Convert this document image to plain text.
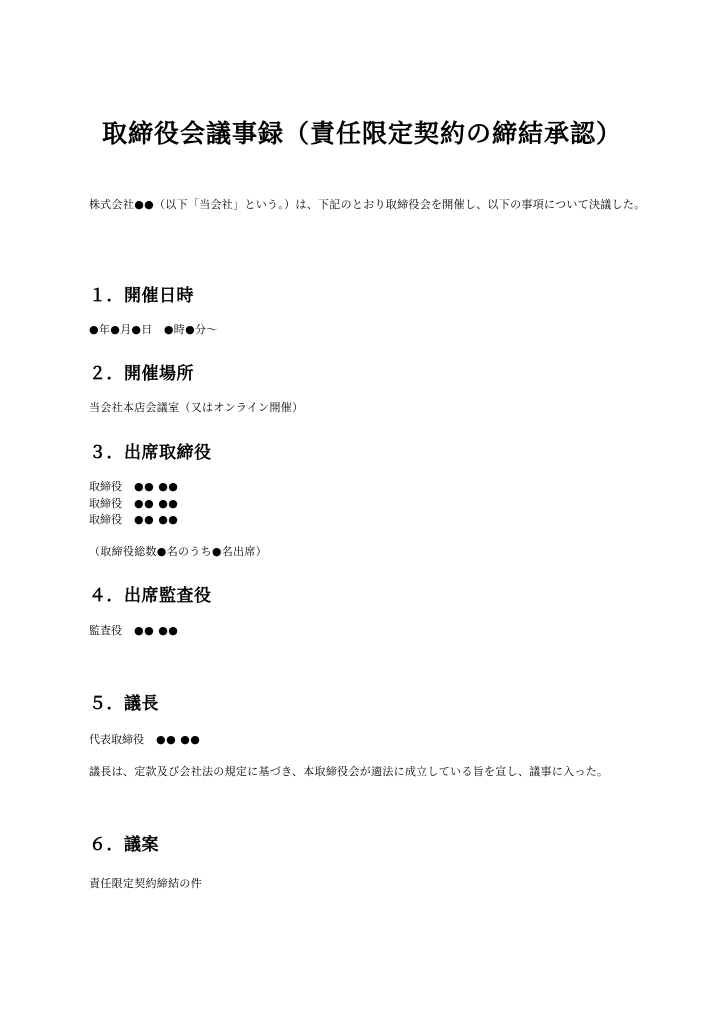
取締役会議事録（責任限定契約の締結承認）
株式会社●●（以下「当会社」という。）は、下記のとおり取締役会を開催し、以下の事項について決議した。
１．開催日時
●年●月●日　●時●分～
２．開催場所
当会社本店会議室（又はオンライン開催）
３．出席取締役
取締役 ●● ●●
取締役 ●● ●●
取締役 ●● ●●
（取締役総数●名のうち●名出席）
４．出席監査役
監査役 ●● ●●
５．議長
代表取締役 ●● ●●
議長は、定款及び会社法の規定に基づき、本取締役会が適法に成立している旨を宣し、議事に入った。
６．議案
責任限定契約締結の件
